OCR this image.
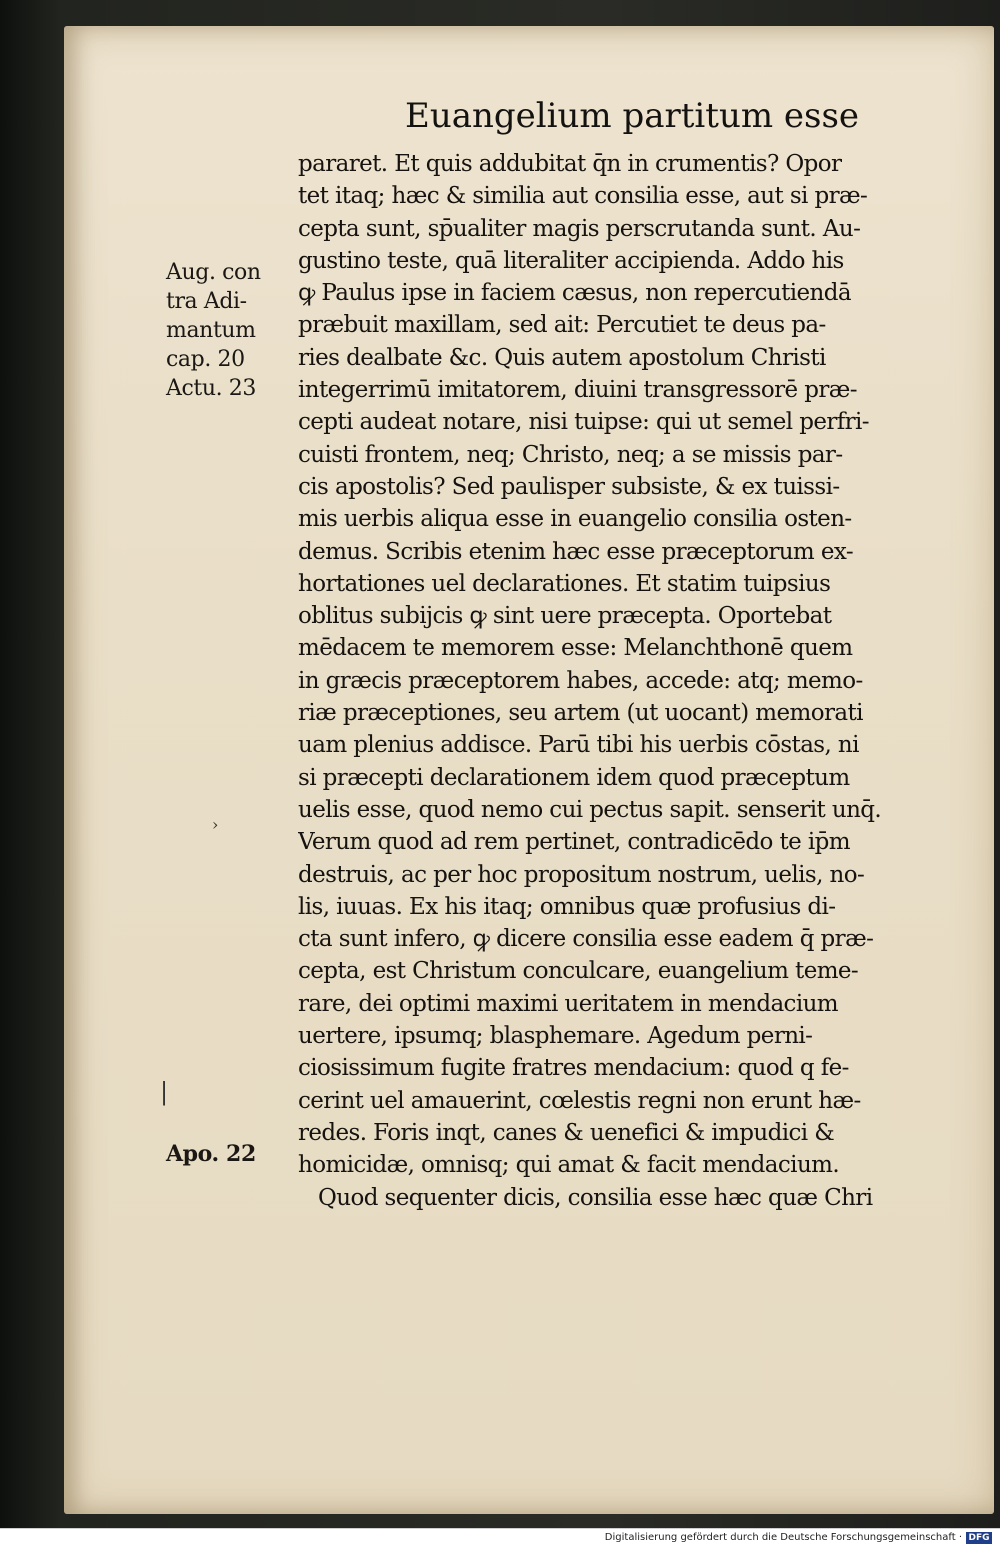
Euangelium partitum esse
Aug. con
tra Adi-
mantum
cap. 20
Actu. 23
Apo. 22
›
|
pararet. Et quis addubitat q̄n in crumentis? Opor
tet itaq; hæc & similia aut consilia esse, aut si præ-
cepta sunt, sp̄ualiter magis perscrutanda sunt. Au-
gustino teste, quā literaliter accipienda. Addo his
ꝙ Paulus ipse in faciem cæsus, non repercutiendā
præbuit maxillam, sed ait: Percutiet te deus pa-
ries dealbate &c. Quis autem apostolum Christi
integerrimū imitatorem, diuini transgressorē præ-
cepti audeat notare, nisi tuipse: qui ut semel perfri-
cuisti frontem, neq; Christo, neq; a se missis par-
cis apostolis? Sed paulisper subsiste, & ex tuissi-
mis uerbis aliqua esse in euangelio consilia osten-
demus. Scribis etenim hæc esse præceptorum ex-
hortationes uel declarationes. Et statim tuipsius
oblitus subijcis ꝙ sint uere præcepta. Oportebat
mēdacem te memorem esse: Melanchthonē quem
in græcis præceptorem habes, accede: atq; memo-
riæ præceptiones, seu artem (ut uocant) memorati
uam plenius addisce. Parū tibi his uerbis cōstas, ni
si præcepti declarationem idem quod præceptum
uelis esse, quod nemo cui pectus sapit. senserit unq̄.
Verum quod ad rem pertinet, contradicēdo te ip̄m
destruis, ac per hoc propositum nostrum, uelis, no-
lis, iuuas. Ex his itaq; omnibus quæ profusius di-
cta sunt infero, ꝙ dicere consilia esse eadem q̄ præ-
cepta, est Christum conculcare, euangelium teme-
rare, dei optimi maximi ueritatem in mendacium
uertere, ipsumq; blasphemare. Agedum perni-
ciosissimum fugite fratres mendacium: quod q fe-
cerint uel amauerint, cœlestis regni non erunt hæ-
redes. Foris inqt, canes & uenefici & impudici &
homicidæ, omnisq; qui amat & facit mendacium.
Quod sequenter dicis, consilia esse hæc quæ Chri
Digitalisierung gefördert durch die Deutsche Forschungsgemeinschaft · DFG
